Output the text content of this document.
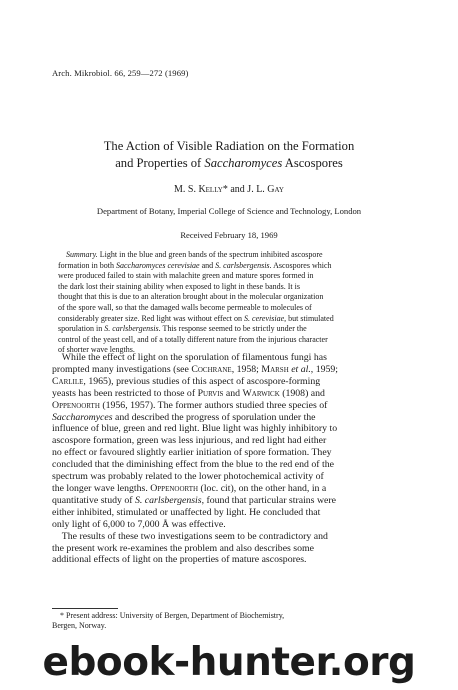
Arch. Mikrobiol. 66, 259—272 (1969)
The Action of Visible Radiation on the Formation
and Properties of Saccharomyces Ascospores
M. S. Kelly* and J. L. Gay
Department of Botany, Imperial College of Science and Technology, London
Received February 18, 1969
 Summary. Light in the blue and green bands of the spectrum inhibited ascospore
formation in both Saccharomyces cerevisiae and S. carlsbergensis. Ascospores which
were produced failed to stain with malachite green and mature spores formed in
the dark lost their staining ability when exposed to light in these bands. It is
thought that this is due to an alteration brought about in the molecular organization
of the spore wall, so that the damaged walls become permeable to molecules of
considerably greater size. Red light was without effect on S. cerevisiae, but stimulated
sporulation in S. carlsbergensis. This response seemed to be strictly under the
control of the yeast cell, and of a totally different nature from the injurious character
of shorter wave lengths.
 While the effect of light on the sporulation of filamentous fungi has
prompted many investigations (see Cochrane, 1958; Marsh et al., 1959;
Carlile, 1965), previous studies of this aspect of ascospore-forming
yeasts has been restricted to those of Purvis and Warwick (1908) and
Oppenoorth (1956, 1957). The former authors studied three species of
Saccharomyces and described the progress of sporulation under the
influence of blue, green and red light. Blue light was highly inhibitory to
ascospore formation, green was less injurious, and red light had either
no effect or favoured slightly earlier initiation of spore formation. They
concluded that the diminishing effect from the blue to the red end of the
spectrum was probably related to the lower photochemical activity of
the longer wave lengths. Oppenoorth (loc. cit), on the other hand, in a
quantitative study of S. carlsbergensis, found that particular strains were
either inhibited, stimulated or unaffected by light. He concluded that
only light of 6,000 to 7,000 Å was effective.
 The results of these two investigations seem to be contradictory and
the present work re-examines the problem and also describes some
additional effects of light on the properties of mature ascospores.
 * Present address: University of Bergen, Department of Biochemistry,
Bergen, Norway.
ebook-hunter.org
